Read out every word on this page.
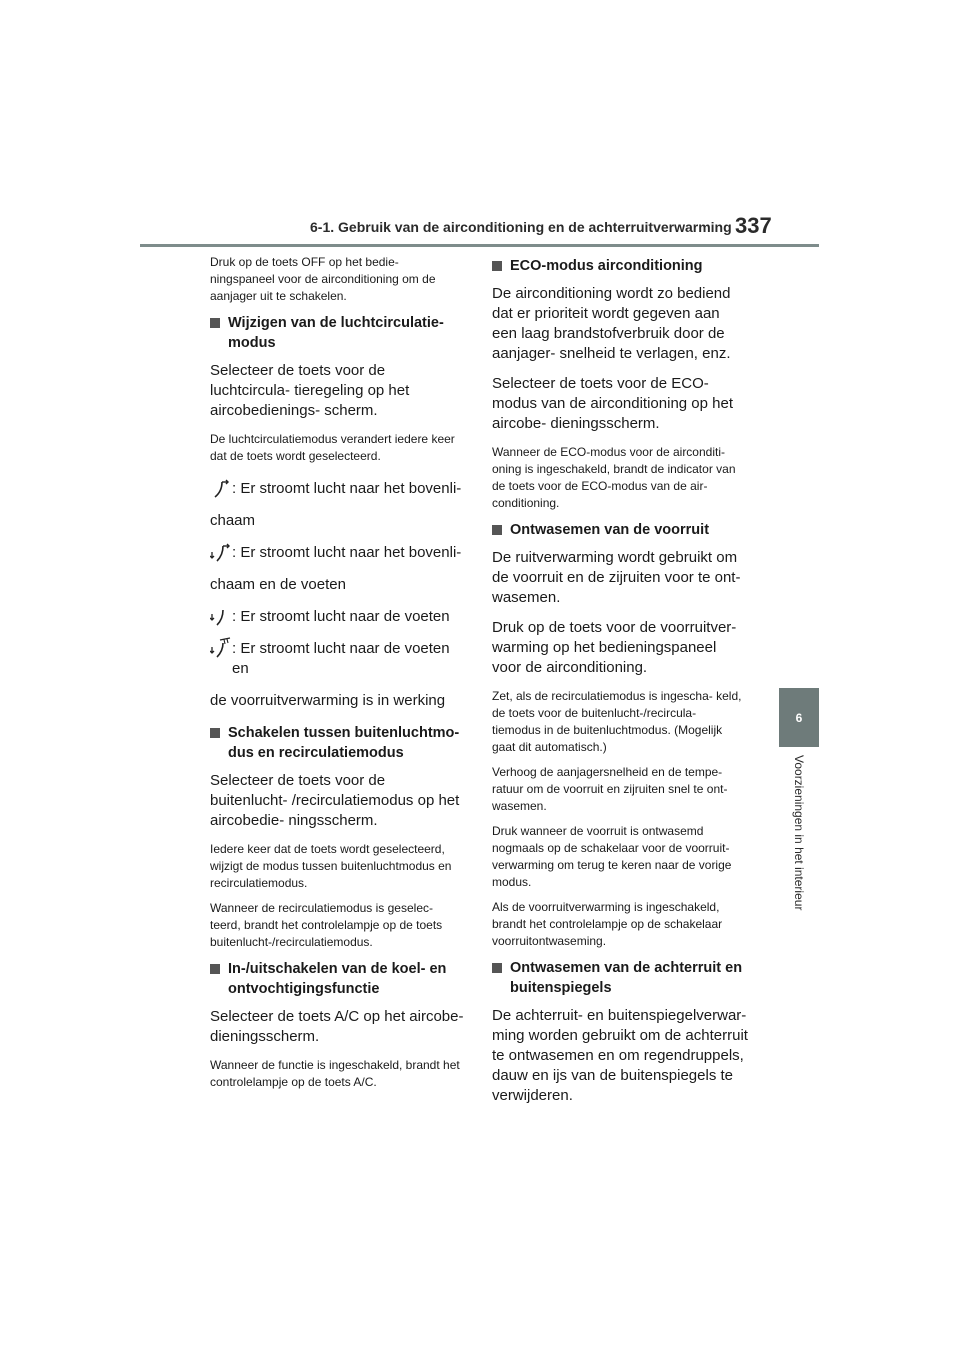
6-1. Gebruik van de airconditioning en de achterruitverwarming 337
6
Voorzieningen in het interieur

Druk op de toets OFF op het bedie- ningspaneel voor de airconditioning om de aanjager uit te schakelen.

Wijzigen van de luchtcirculatie- modus

Selecteer de toets voor de luchtcircula- tieregeling op het aircobedienings- scherm.

De luchtcirculatiemodus verandert iedere keer dat de toets wordt geselecteerd.

: Er stroomt lucht naar het bovenli-

chaam

: Er stroomt lucht naar het bovenli-

chaam en de voeten

: Er stroomt lucht naar de voeten
: Er stroomt lucht naar de voeten en

de voorruitverwarming is in werking

Schakelen tussen buitenluchtmo- dus en recirculatiemodus

Selecteer de toets voor de buitenlucht- /recirculatiemodus op het aircobedie- ningsscherm.

Iedere keer dat de toets wordt geselecteerd, wijzigt de modus tussen buitenluchtmodus en recirculatiemodus.

Wanneer de recirculatiemodus is geselec- teerd, brandt het controlelampje op de toets buitenlucht-/recirculatiemodus.

In-/uitschakelen van de koel- en ontvochtigingsfunctie

Selecteer de toets A/C op het aircobe- dieningsscherm.

Wanneer de functie is ingeschakeld, brandt het controlelampje op de toets A/C.

ECO-modus airconditioning

De airconditioning wordt zo bediend dat er prioriteit wordt gegeven aan een laag brandstofverbruik door de aanjager- snelheid te verlagen, enz.

Selecteer de toets voor de ECO-modus van de airconditioning op het aircobe- dieningsscherm.

Wanneer de ECO-modus voor de airconditi- oning is ingeschakeld, brandt de indicator van de toets voor de ECO-modus van de air- conditioning.

Ontwasemen van de voorruit

De ruitverwarming wordt gebruikt om de voorruit en de zijruiten voor te ont- wasemen.

Druk op de toets voor de voorruitver- warming op het bedieningspaneel voor de airconditioning.

Zet, als de recirculatiemodus is ingescha- keld, de toets voor de buitenlucht-/recircula- tiemodus in de buitenluchtmodus. (Mogelijk gaat dit automatisch.)

Verhoog de aanjagersnelheid en de tempe- ratuur om de voorruit en zijruiten snel te ont- wasemen.

Druk wanneer de voorruit is ontwasemd nogmaals op de schakelaar voor de voorruit- verwarming om terug te keren naar de vorige modus.

Als de voorruitverwarming is ingeschakeld, brandt het controlelampje op de schakelaar voorruitontwaseming.

Ontwasemen van de achterruit en buitenspiegels

De achterruit- en buitenspiegelverwar- ming worden gebruikt om de achterruit te ontwasemen en om regendruppels, dauw en ijs van de buitenspiegels te verwijderen.
